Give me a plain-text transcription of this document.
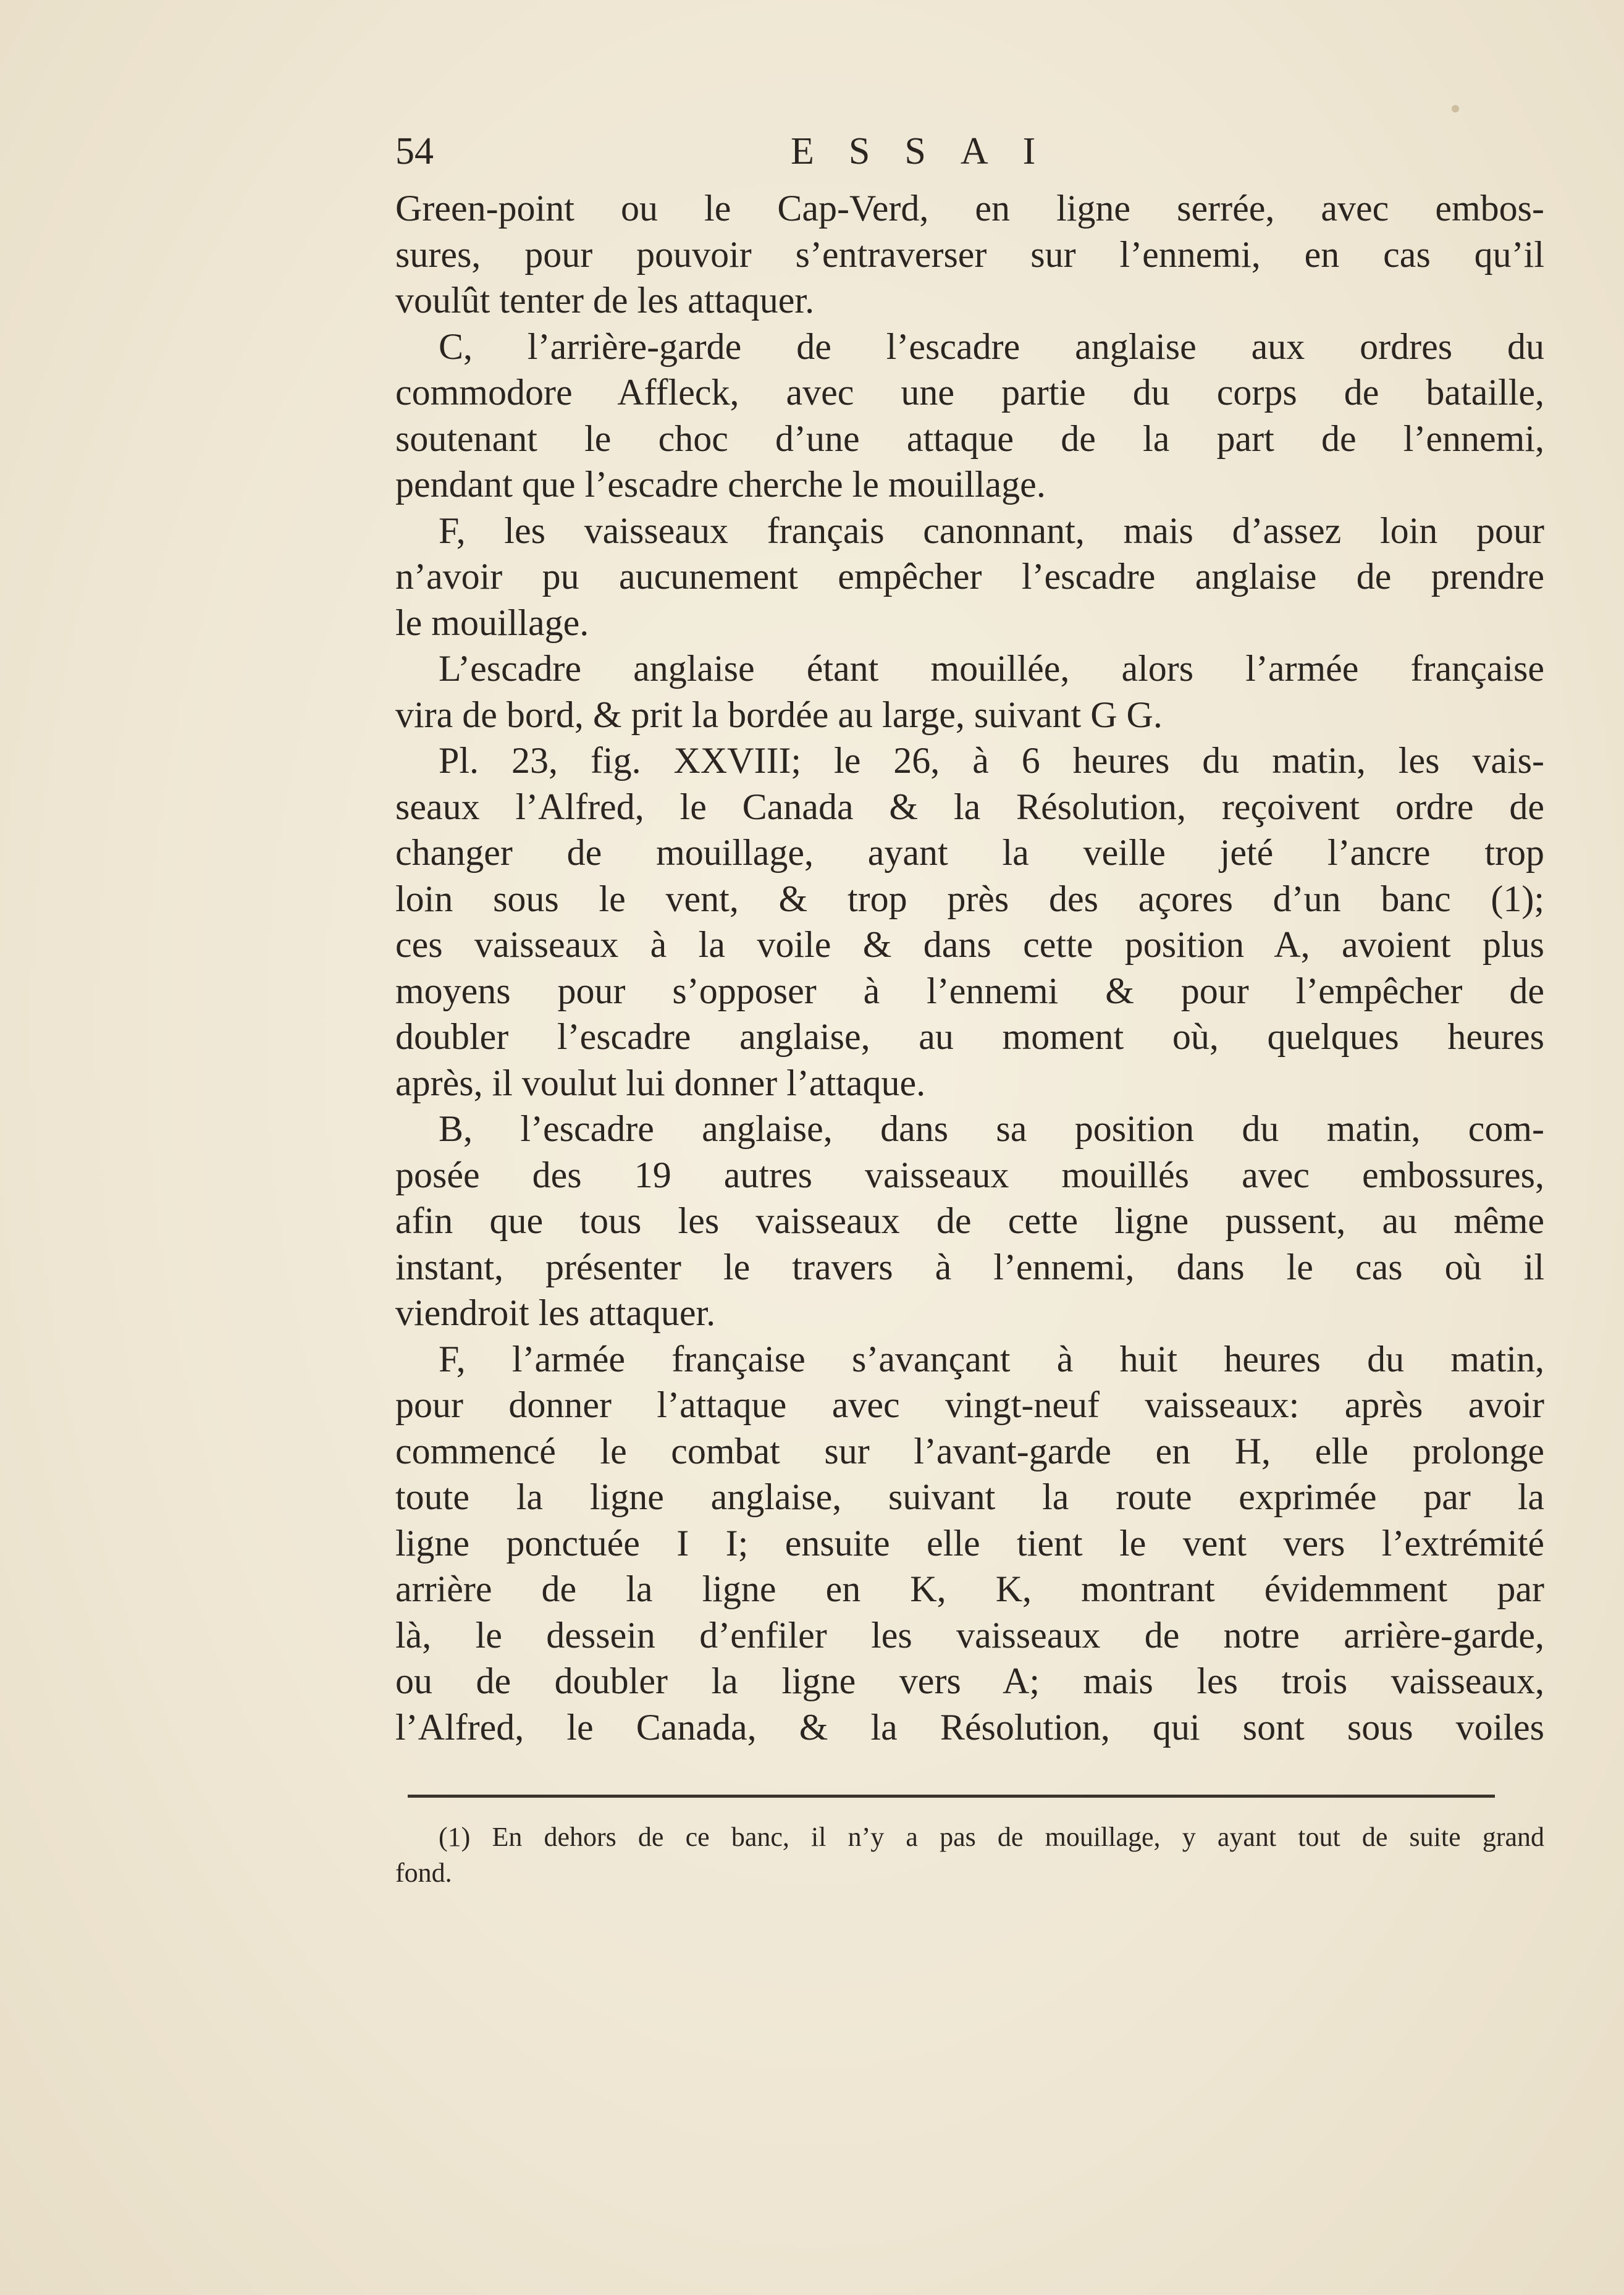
54	ESSAI
Green-point ou le Cap-Verd, en ligne serrée, avec embos-
sures, pour pouvoir s’entraverser sur l’ennemi, en cas qu’il
voulût tenter de les attaquer.
C, l’arrière-garde de l’escadre anglaise aux ordres du
commodore Affleck, avec une partie du corps de bataille,
soutenant le choc d’une attaque de la part de l’ennemi,
pendant que l’escadre cherche le mouillage.
F, les vaisseaux français canonnant, mais d’assez loin pour
n’avoir pu aucunement empêcher l’escadre anglaise de prendre
le mouillage.
L’escadre anglaise étant mouillée, alors l’armée française
vira de bord, & prit la bordée au large, suivant G G.
Pl. 23, fig. XXVIII; le 26, à 6 heures du matin, les vais-
seaux l’Alfred, le Canada & la Résolution, reçoivent ordre de
changer de mouillage, ayant la veille jeté l’ancre trop
loin sous le vent, & trop près des açores d’un banc (1);
ces vaisseaux à la voile & dans cette position A, avoient plus
moyens pour s’opposer à l’ennemi & pour l’empêcher de
doubler l’escadre anglaise, au moment où, quelques heures
après, il voulut lui donner l’attaque.
B, l’escadre anglaise, dans sa position du matin, com-
posée des 19 autres vaisseaux mouillés avec embossures,
afin que tous les vaisseaux de cette ligne pussent, au même
instant, présenter le travers à l’ennemi, dans le cas où il
viendroit les attaquer.
F, l’armée française s’avançant à huit heures du matin,
pour donner l’attaque avec vingt-neuf vaisseaux: après avoir
commencé le combat sur l’avant-garde en H, elle prolonge
toute la ligne anglaise, suivant la route exprimée par la
ligne ponctuée I I; ensuite elle tient le vent vers l’extrémité
arrière de la ligne en K, K, montrant évidemment par
là, le dessein d’enfiler les vaisseaux de notre arrière-garde,
ou de doubler la ligne vers A; mais les trois vaisseaux,
l’Alfred, le Canada, & la Résolution, qui sont sous voiles
(1) En dehors de ce banc, il n’y a pas de mouillage, y ayant tout de suite grand
fond.
